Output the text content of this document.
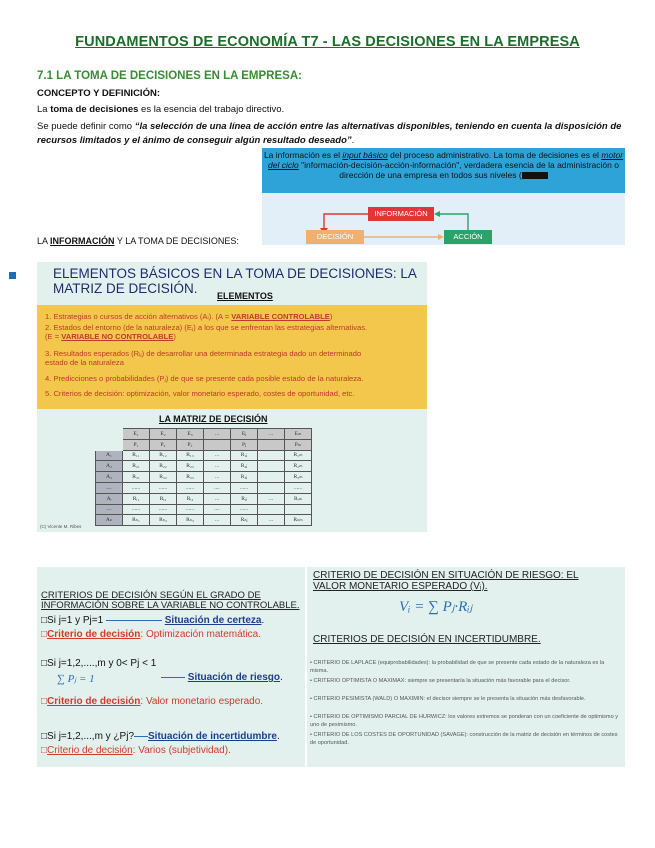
FUNDAMENTOS DE ECONOMÍA T7 - LAS DECISIONES EN LA EMPRESA
7.1 LA TOMA DE DECISIONES EN LA EMPRESA:
CONCEPTO Y DEFINICIÓN:
La toma de decisiones es la esencia del trabajo directivo.
Se puede definir como “la selección de una línea de acción entre las alternativas disponibles, teniendo en cuenta la disposición de recursos limitados y el ánimo de conseguir algún resultado deseado”.
La información es el input básico del proceso administrativo. La toma de decisiones es el motor del ciclo "información-decisión-acción-información", verdadera esencia de la administración o dirección de una empresa en todos sus niveles (
INFORMACIÓN
DECISIÓN	ACCIÓN
LA INFORMACIÓN Y LA TOMA DE DECISIONES:
ELEMENTOS BÁSICOS EN LA TOMA DE DECISIONES: LA MATRIZ DE DECISIÓN.	ELEMENTOS
1. Estrategias o cursos de acción alternativos (Aᵢ). (A = VARIABLE CONTROLABLE)
2. Estados del entorno (de la naturaleza) (Eⱼ) a los que se enfrentan las estrategias alternativas.
(E = VARIABLE NO CONTROLABLE)
3. Resultados esperados (Rᵢⱼ) de desarrollar una determinada estrategia dado un determinado
estado de la naturaleza
4. Predicciones o probabilidades (Pⱼ) de que se presente cada posible estado de la naturaleza.
5. Criterios de decisión: optimización, valor monetario esperado, costes de oportunidad, etc.
LA MATRIZ DE DECISIÓN
	E₁	E₂	E₃	...	Eⱼ	...	Eₘ
	P₁	P₂	P₃		Pⱼ		Pₘ
A₁	R₁₁	R₁₂	R₁₃	...	R₁ⱼ		R₁ₘ
A₂	R₂₁	R₂₂	R₂₃	...	R₂ⱼ		R₂ₘ
A₃	R₃₁	R₃₂	R₃₃	...	R₃ⱼ		R₃ₘ
....	......	......	......	....	......		......
Aᵢ	Rᵢ₁	Rᵢ₂	Rᵢ₃	...	Rᵢⱼ	...	Rᵢₘ
....	......	......	......	....	......		
Aₙ	Rₙ₁	Rₙ₂	Rₙ₃	...	Rₙⱼ	...	Rₙₘ
(C) Vicente M. Ribes
CRITERIOS DE DECISIÓN SEGÚN EL GRADO DE
INFORMACIÓN SOBRE LA VARIABLE NO CONTROLABLE.
□Si j=1 y Pj=1	Situación de certeza.
□Criterio de decisión: Optimización matemática.
□Si j=1,2,....,m y 0< Pj < 1
∑ Pⱼ = 1	Situación de riesgo.
□Criterio de decisión: Valor monetario esperado.
□Si j=1,2,...,m y ¿Pj? Situación de incertidumbre.
□Criterio de decisión: Varios (subjetividad).
CRITERIO DE DECISIÓN EN SITUACIÓN DE RIESGO: EL
VALOR MONETARIO ESPERADO (Vᵢ).
Vᵢ = ∑ Pⱼ·Rᵢⱼ
CRITERIOS DE DECISIÓN EN INCERTIDUMBRE.
• CRITERIO DE LAPLACE (equiprobabilidades): la probabilidad de que se presente cada estado de la naturaleza es la misma.
• CRITERIO OPTIMISTA O MAXIMAX: siempre se presentaría la situación más favorable para el decisor.
• CRITERIO PESIMISTA (WALD) O MAXIMIN: el decisor siempre se le presenta la situación más desfavorable.
• CRITERIO DE OPTIMISMO PARCIAL DE HURWICZ: los valores extremos se ponderan con un coeficiente de optimismo y uno de pesimismo.
• CRITERIO DE LOS COSTES DE OPORTUNIDAD (SAVAGE): construcción de la matriz de decisión en términos de costes de oportunidad.
